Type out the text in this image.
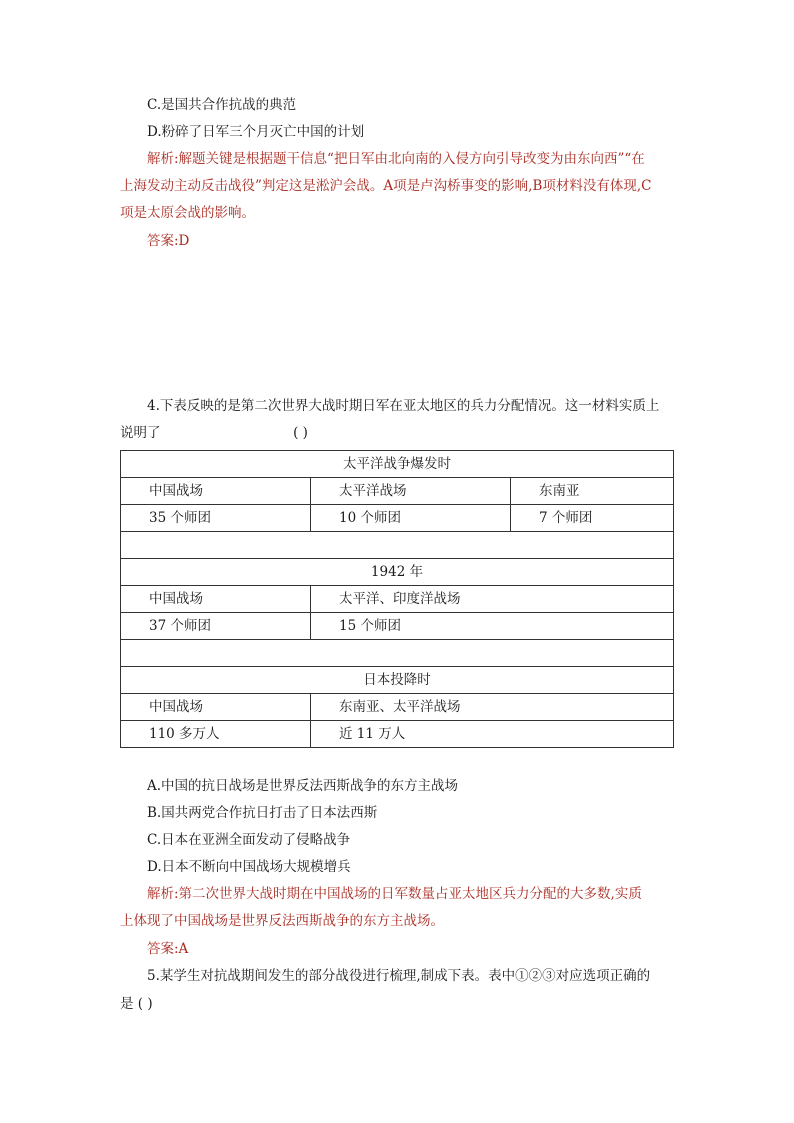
C.是国共合作抗战的典范
D.粉碎了日军三个月灭亡中国的计划
解析:解题关键是根据题干信息“把日军由北向南的入侵方向引导改变为由东向西”“在
上海发动主动反击战役”判定这是淞沪会战。A项是卢沟桥事变的影响,B项材料没有体现,C
项是太原会战的影响。
答案:D
4.下表反映的是第二次世界大战时期日军在亚太地区的兵力分配情况。这一材料实质上
说明了	( )
太平洋战争爆发时		
中国战场	太平洋战场	东南亚
35 个师团	10 个师团	7 个师团

1942 年		
中国战场	太平洋、印度洋战场	
37 个师团	15 个师团	

日本投降时		
中国战场	东南亚、太平洋战场	
110 多万人	近 11 万人	
A.中国的抗日战场是世界反法西斯战争的东方主战场
B.国共两党合作抗日打击了日本法西斯
C.日本在亚洲全面发动了侵略战争
D.日本不断向中国战场大规模增兵
解析:第二次世界大战时期在中国战场的日军数量占亚太地区兵力分配的大多数,实质
上体现了中国战场是世界反法西斯战争的东方主战场。
答案:A
5.某学生对抗战期间发生的部分战役进行梳理,制成下表。表中①②③对应选项正确的
是 ( )
